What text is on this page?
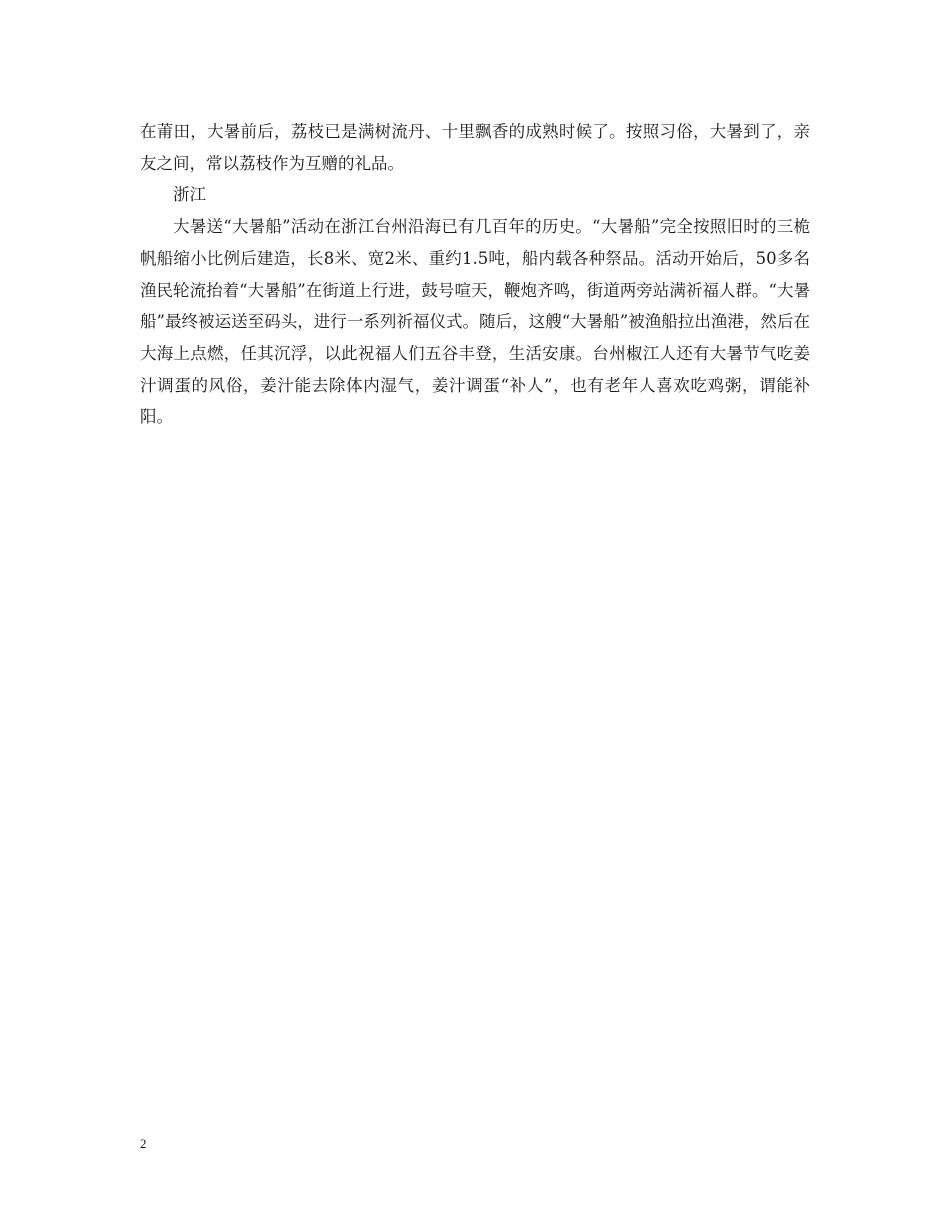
在莆田，大暑前后，荔枝已是满树流丹、十里飘香的成熟时候了。按照习俗，大暑到了，亲友之间，常以荔枝作为互赠的礼品。

浙江

大暑送“大暑船”活动在浙江台州沿海已有几百年的历史。“大暑船”完全按照旧时的三桅帆船缩小比例后建造，长8米、宽2米、重约1.5吨，船内载各种祭品。活动开始后，50多名渔民轮流抬着“大暑船”在街道上行进，鼓号喧天，鞭炮齐鸣，街道两旁站满祈福人群。“大暑船”最终被运送至码头，进行一系列祈福仪式。随后，这艘“大暑船”被渔船拉出渔港，然后在大海上点燃，任其沉浮，以此祝福人们五谷丰登，生活安康。台州椒江人还有大暑节气吃姜汁调蛋的风俗，姜汁能去除体内湿气，姜汁调蛋“补人”，也有老年人喜欢吃鸡粥，谓能补阳。

2
